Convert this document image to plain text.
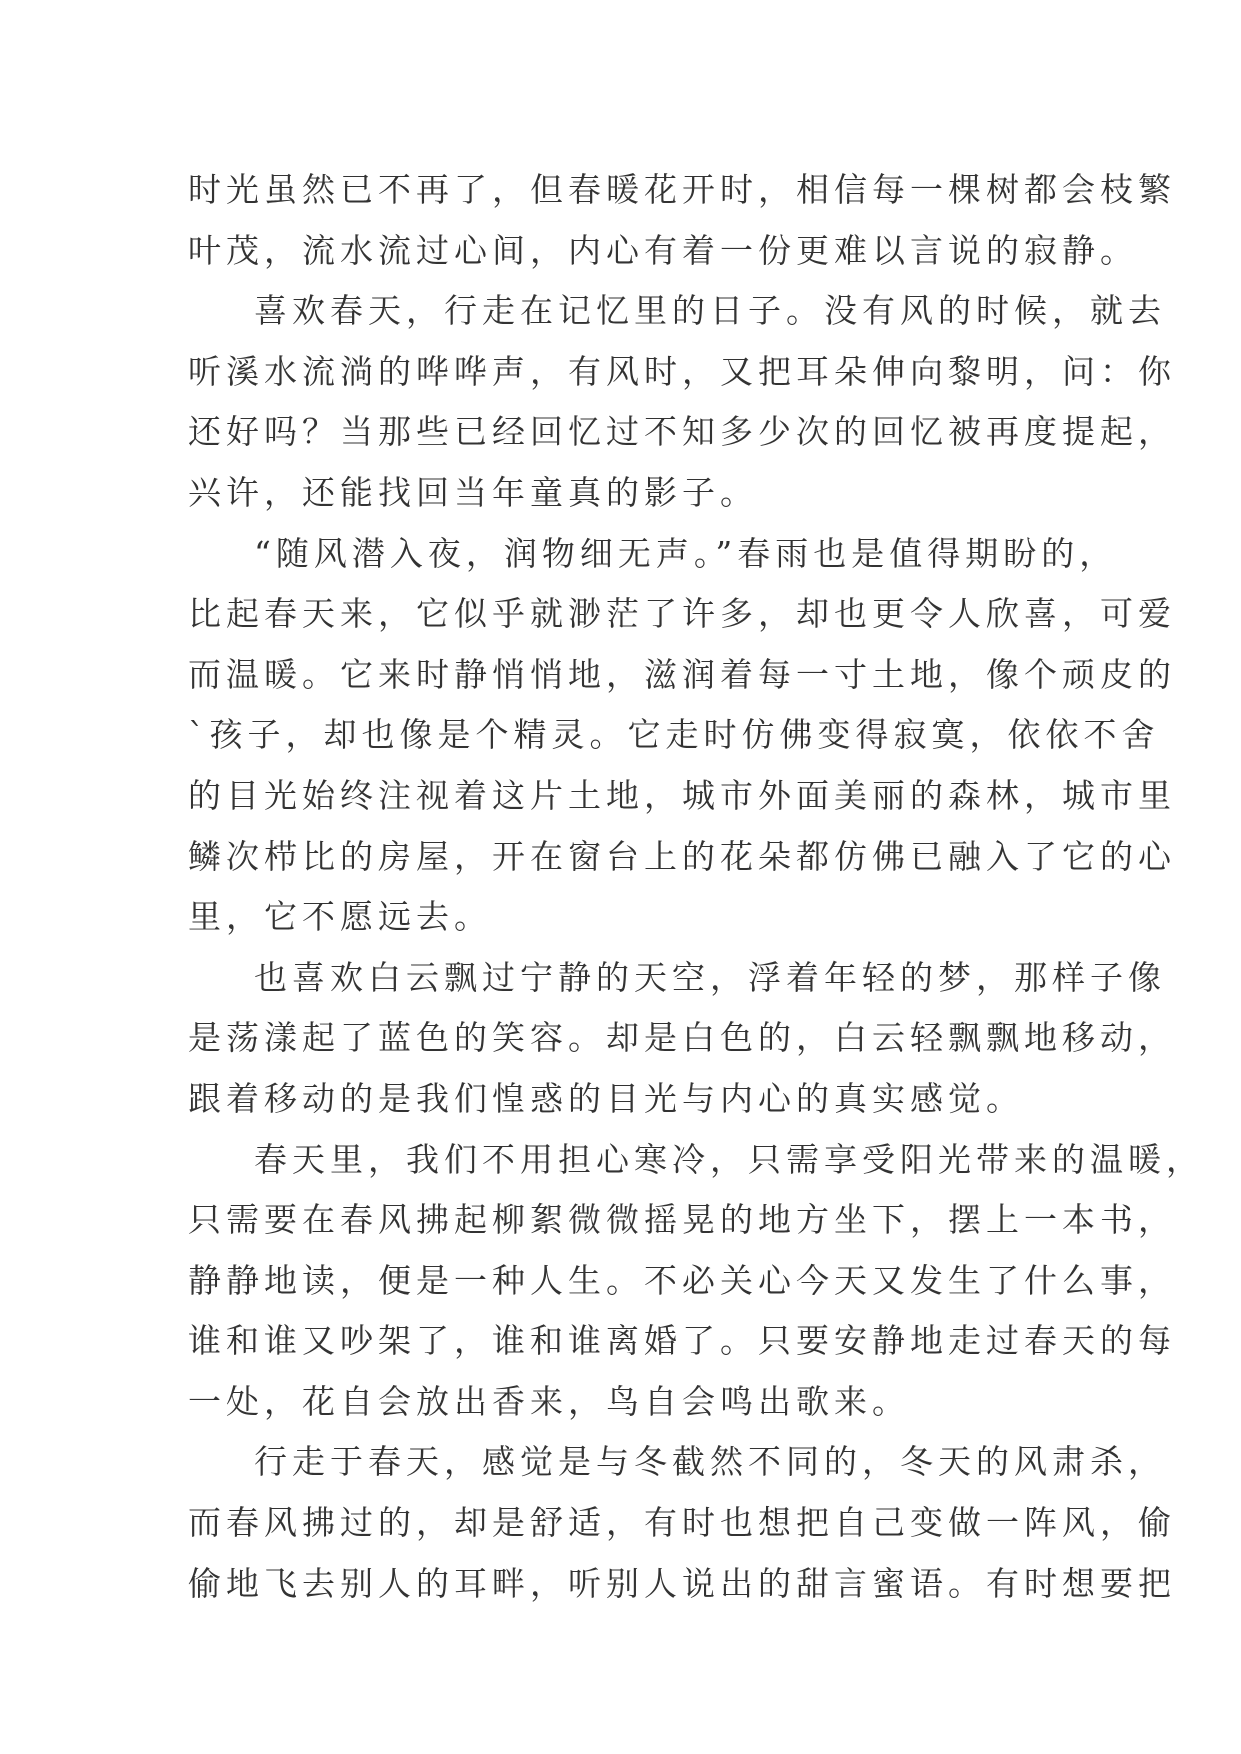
时光虽然已不再了，但春暖花开时，相信每一棵树都会枝繁
叶茂，流水流过心间，内心有着一份更难以言说的寂静。
喜欢春天，行走在记忆里的日子。没有风的时候，就去
听溪水流淌的哗哗声，有风时，又把耳朵伸向黎明，问：你
还好吗？当那些已经回忆过不知多少次的回忆被再度提起，
兴许，还能找回当年童真的影子。
“随风潜入夜，润物细无声。”春雨也是值得期盼的，
比起春天来，它似乎就渺茫了许多，却也更令人欣喜，可爱
而温暖。它来时静悄悄地，滋润着每一寸土地，像个顽皮的
`孩子，却也像是个精灵。它走时仿佛变得寂寞，依依不舍
的目光始终注视着这片土地，城市外面美丽的森林，城市里
鳞次栉比的房屋，开在窗台上的花朵都仿佛已融入了它的心
里，它不愿远去。
也喜欢白云飘过宁静的天空，浮着年轻的梦，那样子像
是荡漾起了蓝色的笑容。却是白色的，白云轻飘飘地移动，
跟着移动的是我们惶惑的目光与内心的真实感觉。
春天里，我们不用担心寒冷，只需享受阳光带来的温暖，
只需要在春风拂起柳絮微微摇晃的地方坐下，摆上一本书，
静静地读，便是一种人生。不必关心今天又发生了什么事，
谁和谁又吵架了，谁和谁离婚了。只要安静地走过春天的每
一处，花自会放出香来，鸟自会鸣出歌来。
行走于春天，感觉是与冬截然不同的，冬天的风肃杀，
而春风拂过的，却是舒适，有时也想把自己变做一阵风，偷
偷地飞去别人的耳畔，听别人说出的甜言蜜语。有时想要把
